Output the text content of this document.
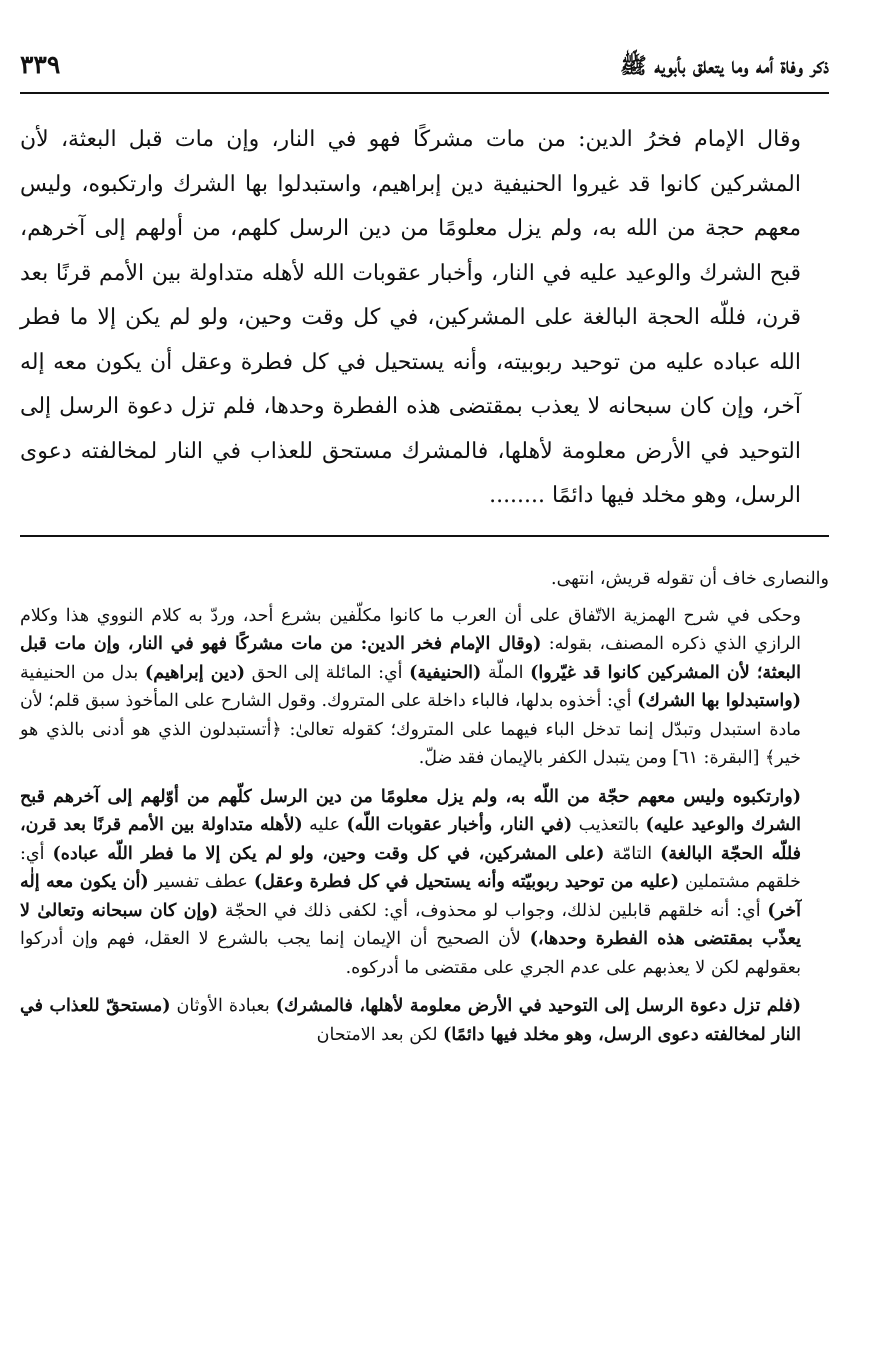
٣٣٩	ذكر وفاة أمه وما يتعلق بأبويه ﷺ

وقال الإمام فخرُ الدين: من مات مشركًا فهو في النار، وإن مات قبل البعثة، لأن المشركين كانوا قد غيروا الحنيفية دين إبراهيم، واستبدلوا بها الشرك وارتكبوه، وليس معهم حجة من الله به، ولم يزل معلومًا من دين الرسل كلهم، من أولهم إلى آخرهم، قبح الشرك والوعيد عليه في النار، وأخبار عقوبات الله لأهله متداولة بين الأمم قرنًا بعد قرن، فللّه الحجة البالغة على المشركين، في كل وقت وحين، ولو لم يكن إلا ما فطر الله عباده عليه من توحيد ربوبيته، وأنه يستحيل في كل فطرة وعقل أن يكون معه إله آخر، وإن كان سبحانه لا يعذب بمقتضى هذه الفطرة وحدها، فلم تزل دعوة الرسل إلى التوحيد في الأرض معلومة لأهلها، فالمشرك مستحق للعذاب في النار لمخالفته دعوى الرسل، وهو مخلد فيها دائمًا ........

والنصارى خاف أن تقوله قريش، انتهى.

وحكى في شرح الهمزية الاتّفاق على أن العرب ما كانوا مكلّفين بشرع أحد، وردّ به كلام النووي هذا وكلام الرازي الذي ذكره المصنف، بقوله: (وقال الإمام فخر الدين: من مات مشركًا فهو في النار، وإن مات قبل البعثة؛ لأن المشركين كانوا قد غيّروا) الملّة (الحنيفية) أي: المائلة إلى الحق (دين إبراهيم) بدل من الحنيفية (واستبدلوا بها الشرك) أي: أخذوه بدلها، فالباء داخلة على المتروك. وقول الشارح على المأخوذ سبق قلم؛ لأن مادة استبدل وتبدّل إنما تدخل الباء فيهما على المتروك؛ كقوله تعالىٰ: ﴿أتستبدلون الذي هو أدنى بالذي هو خير﴾ [البقرة: ٦١] ومن يتبدل الكفر بالإيمان فقد ضلّ.

(وارتكبوه وليس معهم حجّة من اللّه به، ولم يزل معلومًا من دين الرسل كلّهم من أوّلهم إلى آخرهم قبح الشرك والوعيد عليه) بالتعذيب (في النار، وأخبار عقوبات اللّه) عليه (لأهله متداولة بين الأمم قرنًا بعد قرن، فللّه الحجّة البالغة) التامّة (على المشركين، في كل وقت وحين، ولو لم يكن إلا ما فطر اللّه عباده) أي: خلقهم مشتملين (عليه من توحيد ربوبيّته وأنه يستحيل في كل فطرة وعقل) عطف تفسير (أن يكون معه إلٰه آخر) أي: أنه خلقهم قابلين لذلك، وجواب لو محذوف، أي: لكفى ذلك في الحجّة (وإن كان سبحانه وتعالىٰ لا يعذّب بمقتضى هذه الفطرة وحدها،) لأن الصحيح أن الإيمان إنما يجب بالشرع لا العقل، فهم وإن أدركوا بعقولهم لكن لا يعذبهم على عدم الجري على مقتضى ما أدركوه.

(فلم تزل دعوة الرسل إلى التوحيد في الأرض معلومة لأهلها، فالمشرك) بعبادة الأوثان (مستحقّ للعذاب في النار لمخالفته دعوى الرسل، وهو مخلد فيها دائمًا) لكن بعد الامتحان
